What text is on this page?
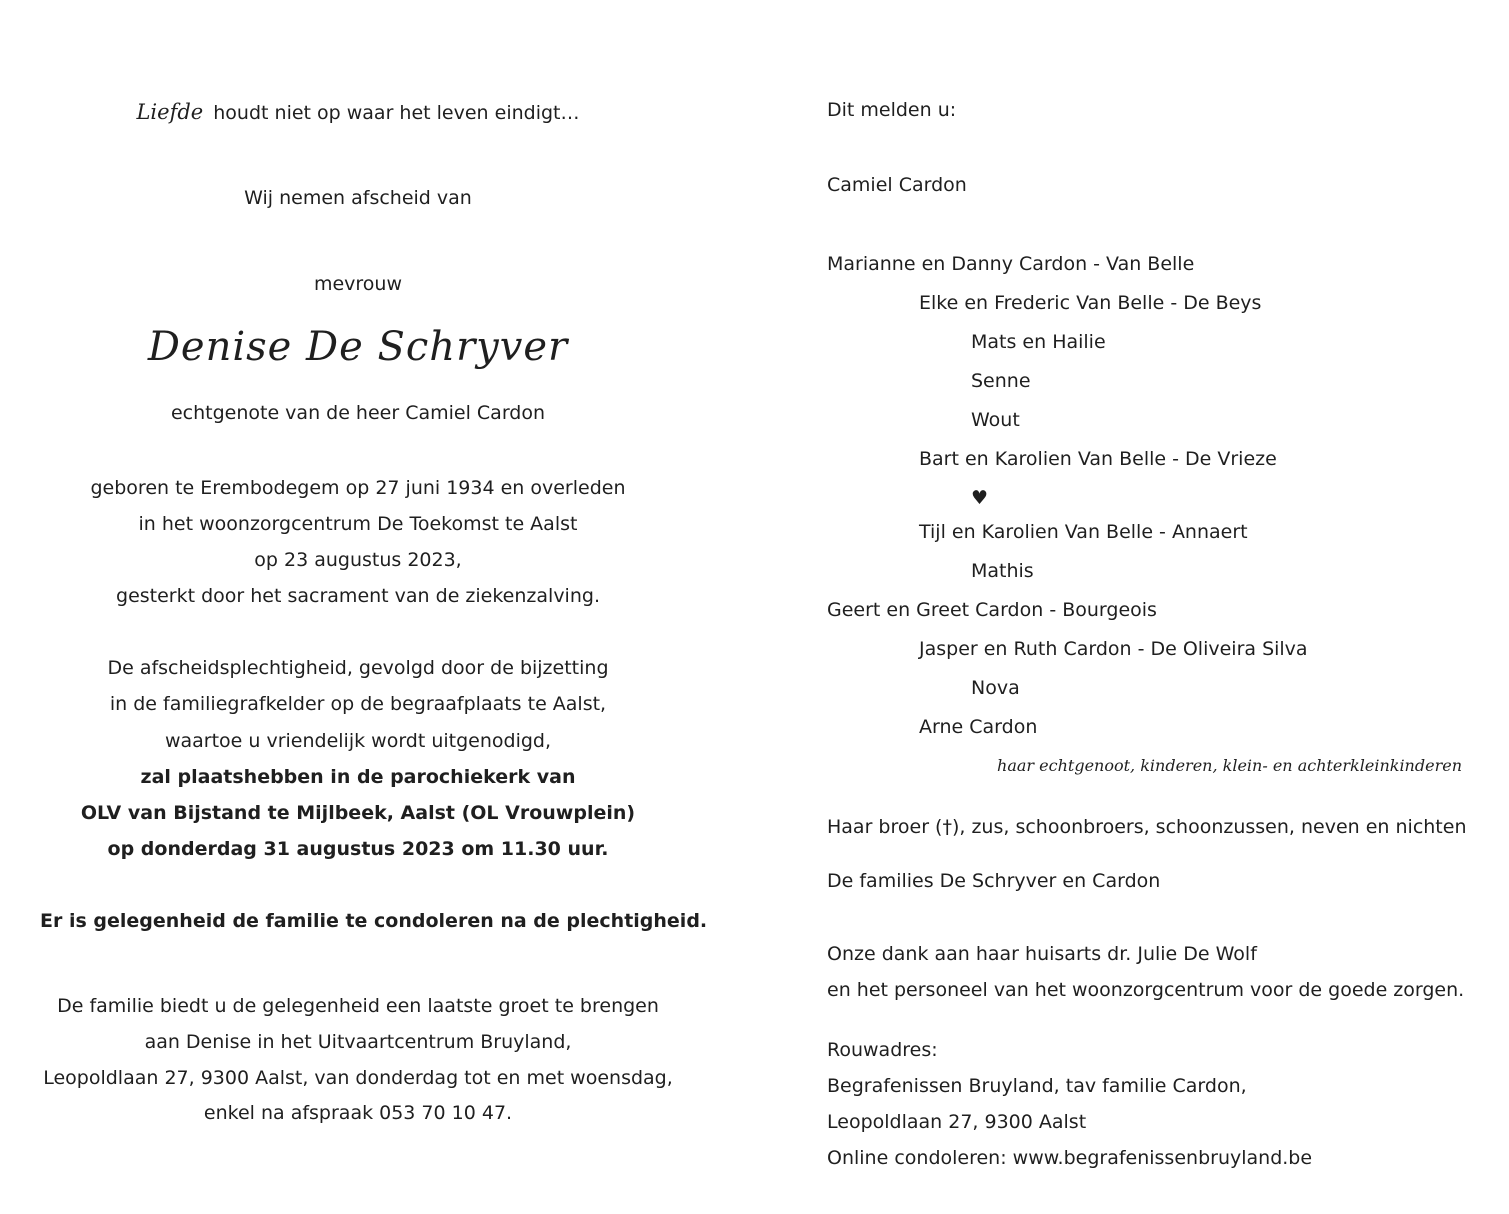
Liefde houdt niet op waar het leven eindigt…
Wij nemen afscheid van
mevrouw
Denise De Schryver
echtgenote van de heer Camiel Cardon
geboren te Erembodegem op 27 juni 1934 en overleden
in het woonzorgcentrum De Toekomst te Aalst
op 23 augustus 2023,
gesterkt door het sacrament van de ziekenzalving.
De afscheidsplechtigheid, gevolgd door de bijzetting
in de familiegrafkelder op de begraafplaats te Aalst,
waartoe u vriendelijk wordt uitgenodigd,
zal plaatshebben in de parochiekerk van
OLV van Bijstand te Mijlbeek, Aalst (OL Vrouwplein)
op donderdag 31 augustus 2023 om 11.30 uur.
Er is gelegenheid de familie te condoleren na de plechtigheid.
De familie biedt u de gelegenheid een laatste groet te brengen
aan Denise in het Uitvaartcentrum Bruyland,
Leopoldlaan 27, 9300 Aalst, van donderdag tot en met woensdag,
enkel na afspraak 053 70 10 47.
Dit melden u:
Camiel Cardon
Marianne en Danny Cardon - Van Belle
Elke en Frederic Van Belle - De Beys
Mats en Hailie
Senne
Wout
Bart en Karolien Van Belle - De Vrieze
♥
Tijl en Karolien Van Belle - Annaert
Mathis
Geert en Greet Cardon - Bourgeois
Jasper en Ruth Cardon - De Oliveira Silva
Nova
Arne Cardon
haar echtgenoot, kinderen, klein- en achterkleinkinderen
Haar broer (†), zus, schoonbroers, schoonzussen, neven en nichten
De families De Schryver en Cardon
Onze dank aan haar huisarts dr. Julie De Wolf
en het personeel van het woonzorgcentrum voor de goede zorgen.
Rouwadres:
Begrafenissen Bruyland, tav familie Cardon,
Leopoldlaan 27, 9300 Aalst
Online condoleren: www.begrafenissenbruyland.be
